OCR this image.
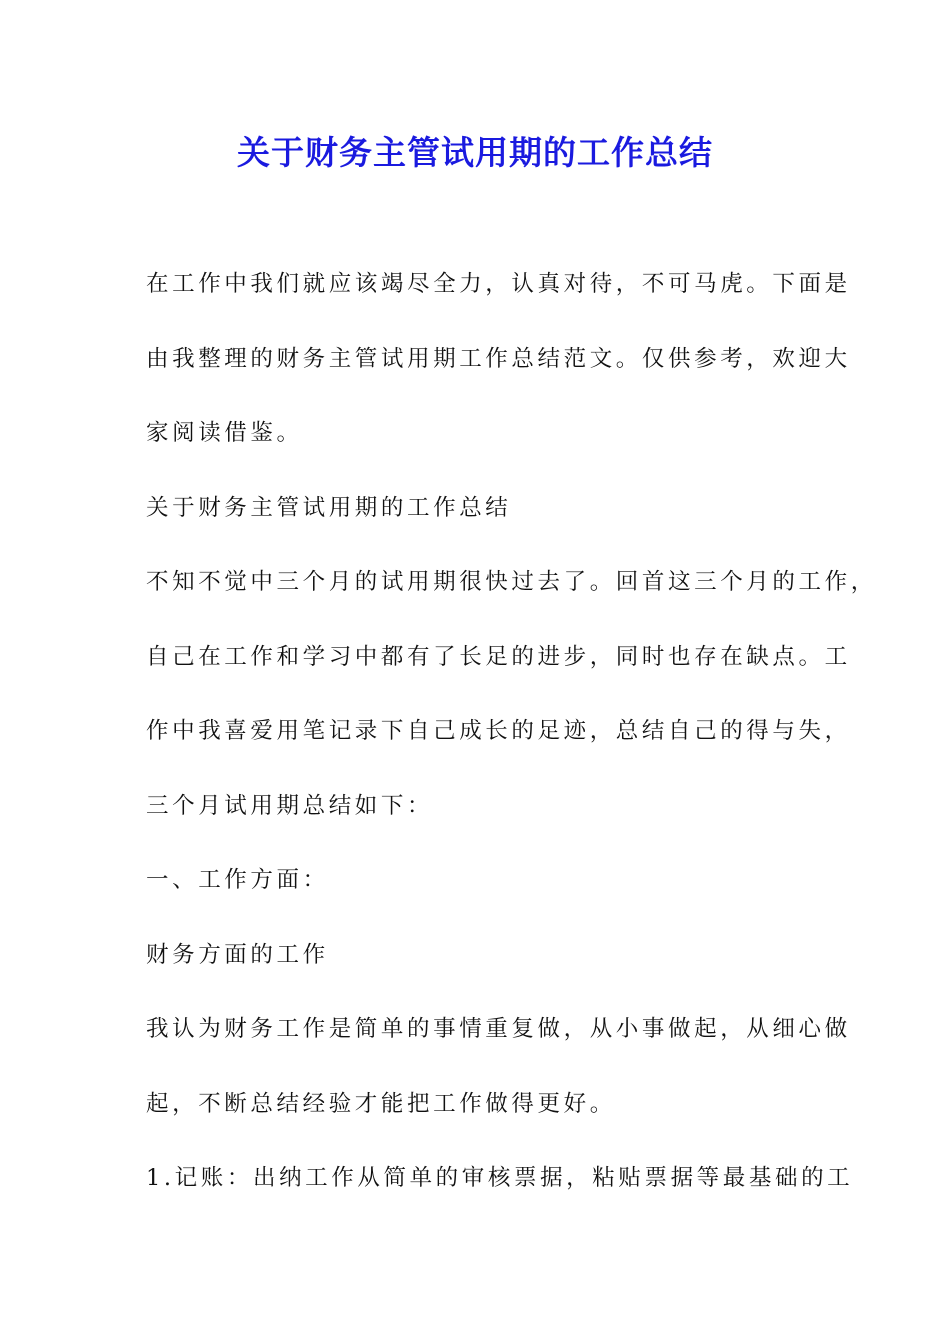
关于财务主管试用期的工作总结

在工作中我们就应该竭尽全力，认真对待，不可马虎。下面是

由我整理的财务主管试用期工作总结范文。仅供参考，欢迎大

家阅读借鉴。

关于财务主管试用期的工作总结

不知不觉中三个月的试用期很快过去了。回首这三个月的工作，

自己在工作和学习中都有了长足的进步，同时也存在缺点。工

作中我喜爱用笔记录下自己成长的足迹，总结自己的得与失，

三个月试用期总结如下：

一、工作方面：

财务方面的工作

我认为财务工作是简单的事情重复做，从小事做起，从细心做

起，不断总结经验才能把工作做得更好。

1.记账：出纳工作从简单的审核票据，粘贴票据等最基础的工
